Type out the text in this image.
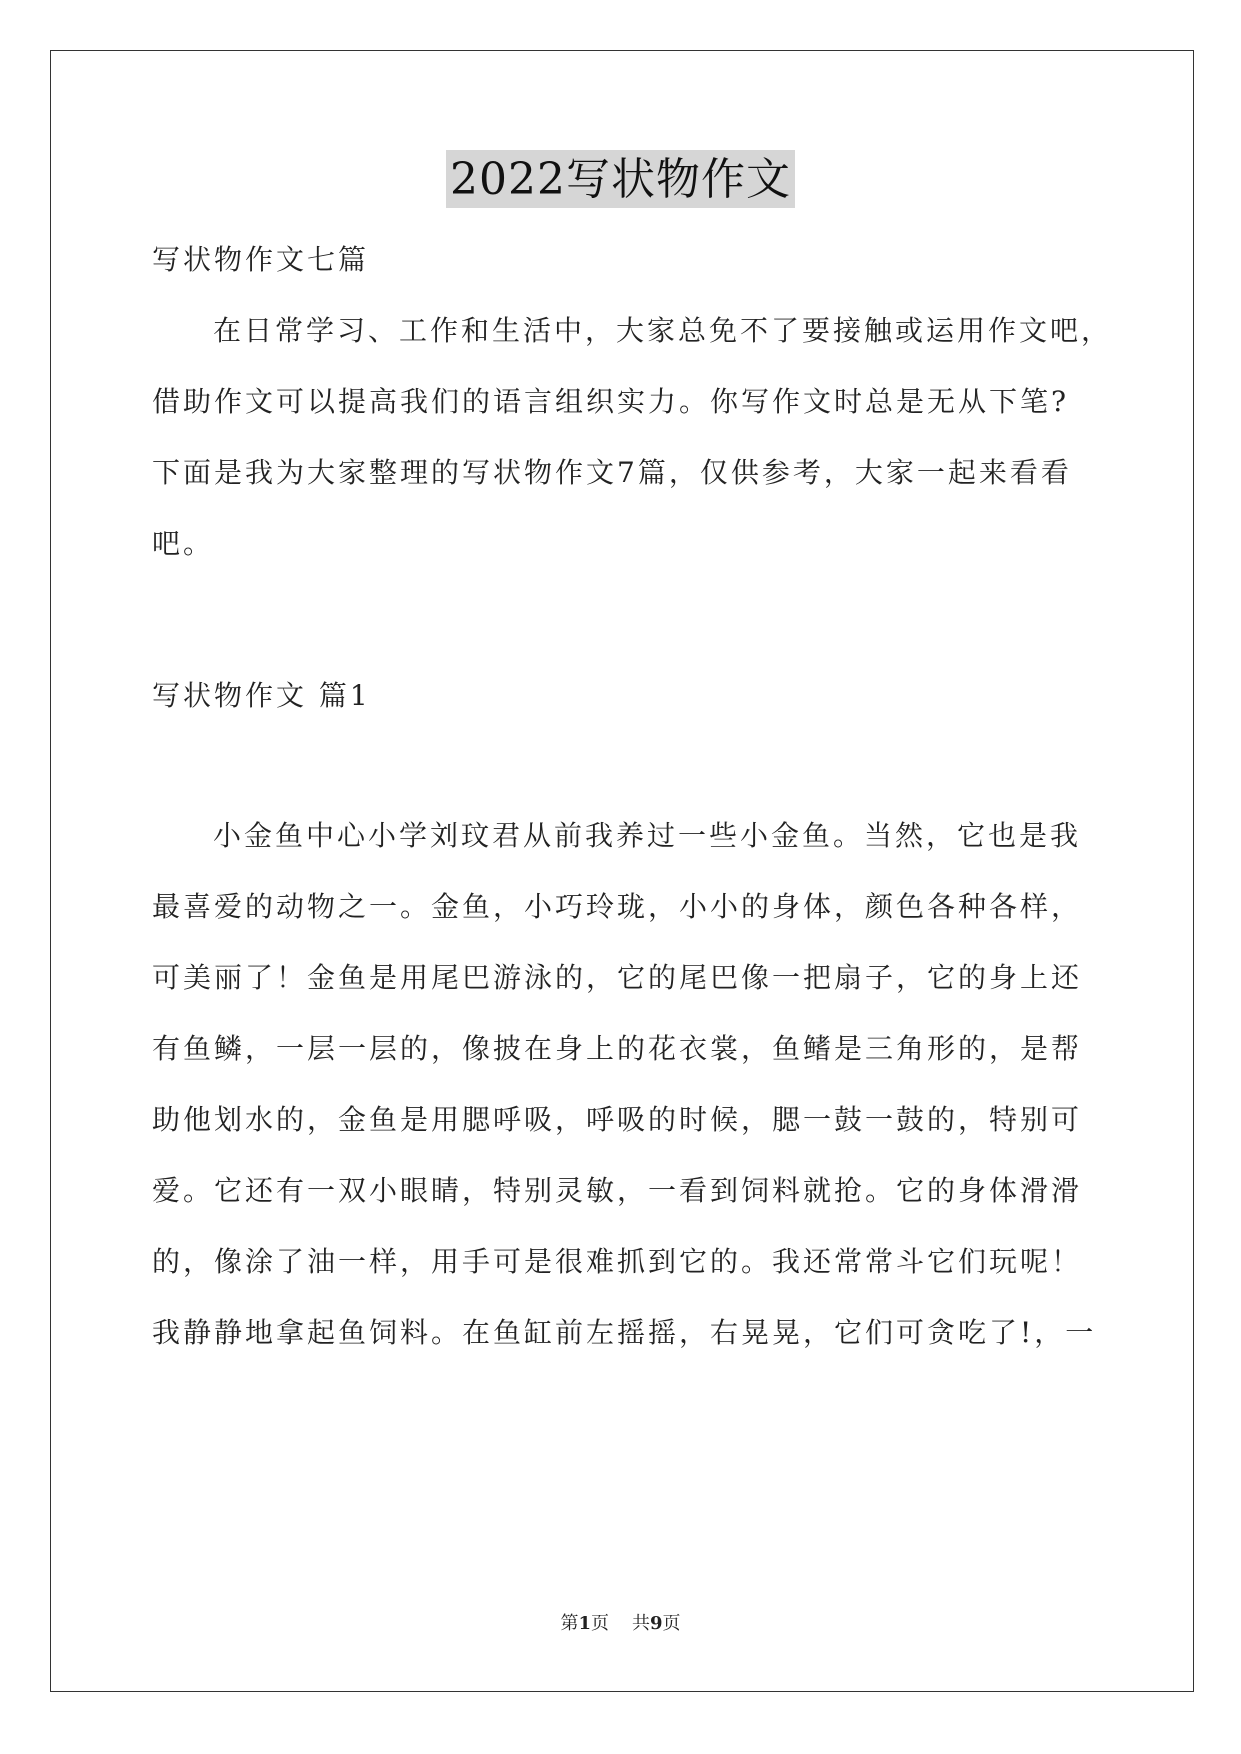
2022写状物作文
写状物作文七篇
在日常学习、工作和生活中，大家总免不了要接触或运用作文吧，
借助作文可以提高我们的语言组织实力。你写作文时总是无从下笔?
下面是我为大家整理的写状物作文7篇，仅供参考，大家一起来看看
吧。
写状物作文 篇1
小金鱼中心小学刘玟君从前我养过一些小金鱼。当然，它也是我
最喜爱的动物之一。金鱼，小巧玲珑，小小的身体，颜色各种各样，
可美丽了！金鱼是用尾巴游泳的，它的尾巴像一把扇子，它的身上还
有鱼鳞，一层一层的，像披在身上的花衣裳，鱼鳍是三角形的，是帮
助他划水的，金鱼是用腮呼吸，呼吸的时候，腮一鼓一鼓的，特别可
爱。它还有一双小眼睛，特别灵敏，一看到饲料就抢。它的身体滑滑
的，像涂了油一样，用手可是很难抓到它的。我还常常斗它们玩呢！
我静静地拿起鱼饲料。在鱼缸前左摇摇，右晃晃，它们可贪吃了!，一
第1页 共9页
